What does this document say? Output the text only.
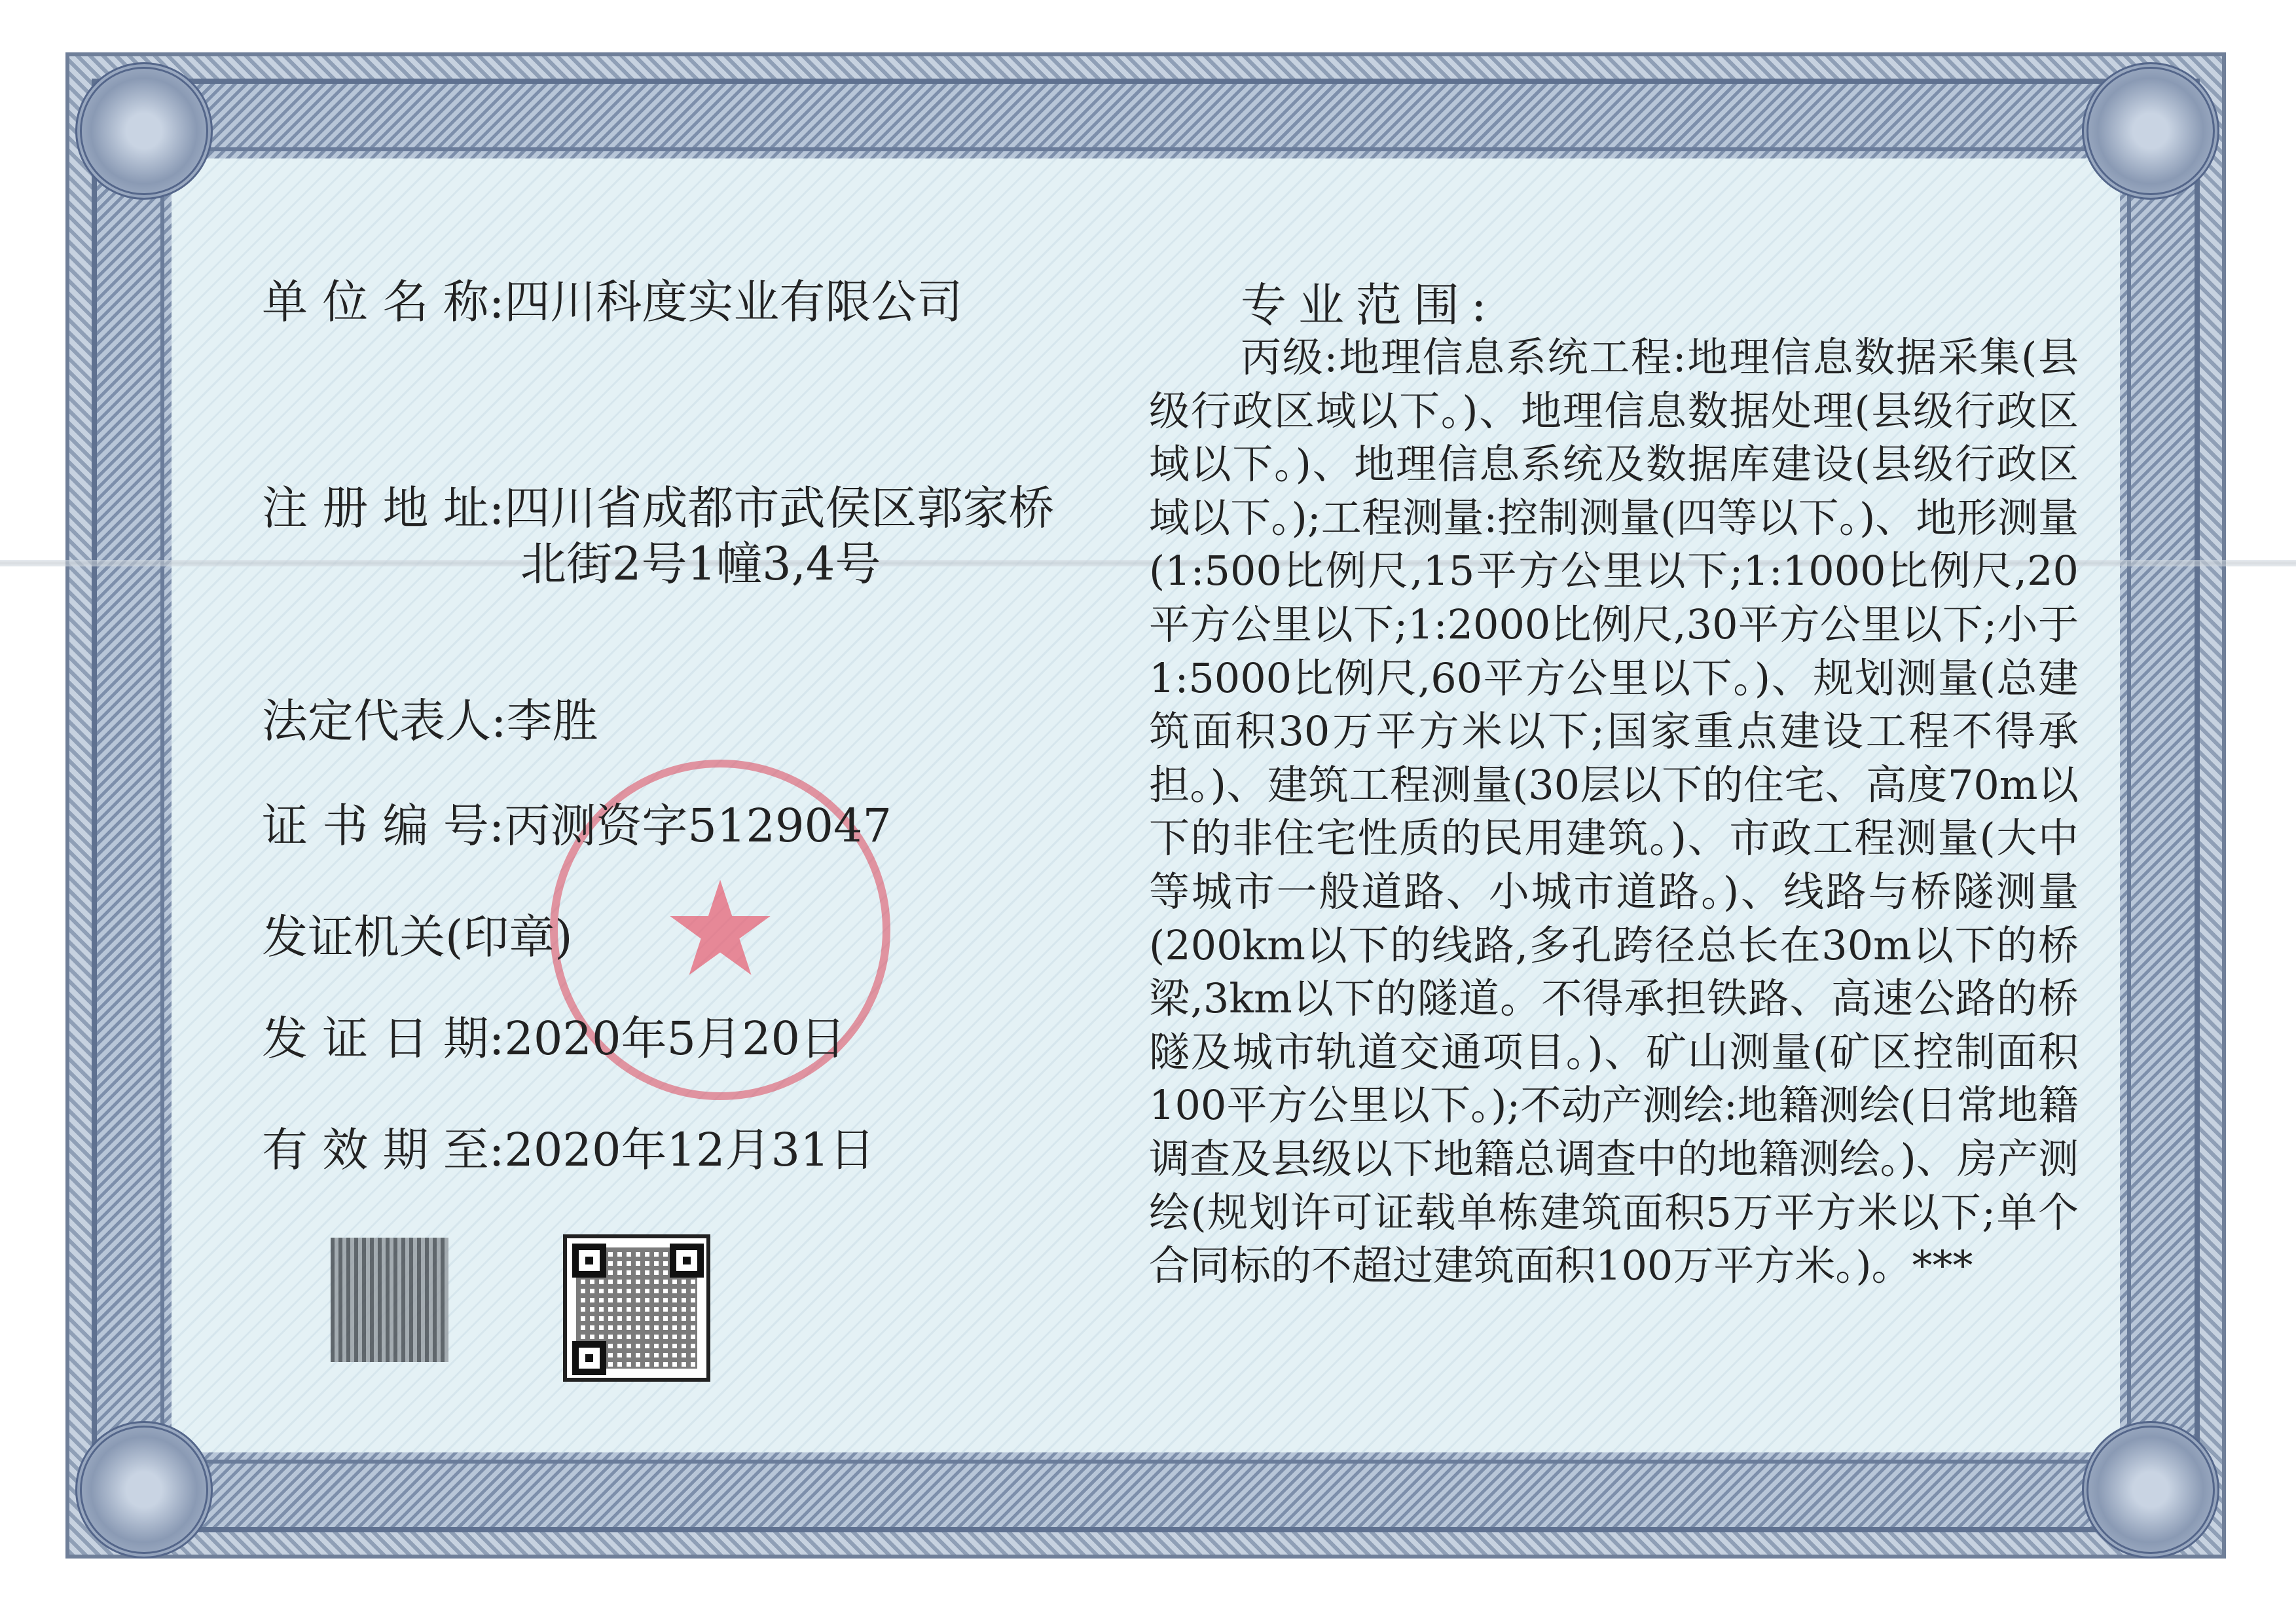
★
单 位 名 称:四川科度实业有限公司
注 册 地 址:四川省成都市武侯区郭家桥
北街2号1幢3,4号
法定代表人:李胜
证 书 编 号:丙测资字5129047
发证机关(印章)
发 证 日 期:2020年5月20日
有 效 期 至:2020年12月31日
专业范围:
丙级:地理信息系统工程:地理信息数据采集(县级行政区域以下。)、地理信息数据处理(县级行政区域以下。)、地理信息系统及数据库建设(县级行政区域以下。);工程测量:控制测量(四等以下。)、地形测量(1:500比例尺,15平方公里以下;1:1000比例尺,20平方公里以下;1:2000比例尺,30平方公里以下;小于1:5000比例尺,60平方公里以下。)、规划测量(总建筑面积30万平方米以下;国家重点建设工程不得承担。)、建筑工程测量(30层以下的住宅、高度70m以下的非住宅性质的民用建筑。)、市政工程测量(大中等城市一般道路、小城市道路。)、线路与桥隧测量(200km以下的线路,多孔跨径总长在30m以下的桥梁,3km以下的隧道。不得承担铁路、高速公路的桥隧及城市轨道交通项目。)、矿山测量(矿区控制面积100平方公里以下。);不动产测绘:地籍测绘(日常地籍调查及县级以下地籍总调查中的地籍测绘。)、房产测绘(规划许可证载单栋建筑面积5万平方米以下;单个合同标的不超过建筑面积100万平方米。)。***
